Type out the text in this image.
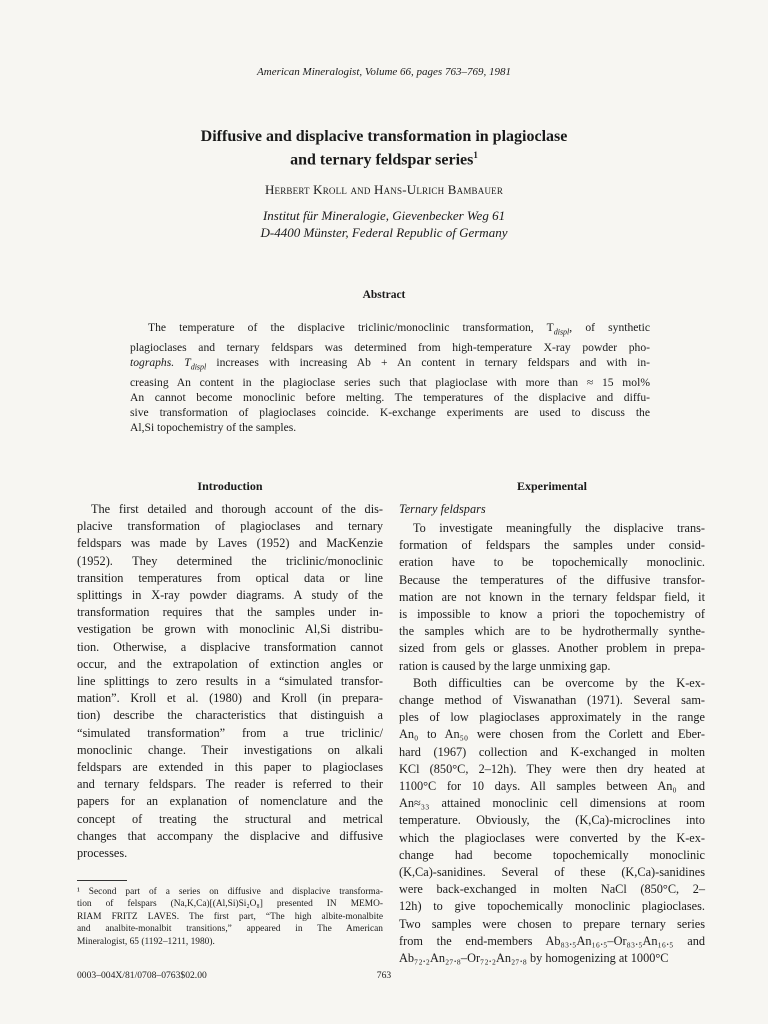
American Mineralogist, Volume 66, pages 763–769, 1981
Diffusive and displacive transformation in plagioclase
and ternary feldspar series$^1$
Herbert Kroll and Hans-Ulrich Bambauer
Institut für Mineralogie, Gievenbecker Weg 61
D-4400 Münster, Federal Republic of Germany
Abstract
The temperature of the displacive triclinic/monoclinic transformation, $T_{displ}$, of synthetic
plagioclases and ternary feldspars was determined from high-temperature X-ray powder pho-
tographs. $T_{displ}$ increases with increasing Ab + An content in ternary feldspars and with in-
creasing An content in the plagioclase series such that plagioclase with more than ≈ 15 mol%
An cannot become monoclinic before melting. The temperatures of the displacive and diffu-
sive transformation of plagioclases coincide. K-exchange experiments are used to discuss the
Al,Si topochemistry of the samples.
Introduction
The first detailed and thorough account of the dis-
placive transformation of plagioclases and ternary
feldspars was made by Laves (1952) and MacKenzie
(1952). They determined the triclinic/monoclinic
transition temperatures from optical data or line
splittings in X-ray powder diagrams. A study of the
transformation requires that the samples under in-
vestigation be grown with monoclinic Al,Si distribu-
tion. Otherwise, a displacive transformation cannot
occur, and the extrapolation of extinction angles or
line splittings to zero results in a “simulated transfor-
mation”. Kroll et al. (1980) and Kroll (in prepara-
tion) describe the characteristics that distinguish a
“simulated transformation” from a true triclinic/
monoclinic change. Their investigations on alkali
feldspars are extended in this paper to plagioclases
and ternary feldspars. The reader is referred to their
papers for an explanation of nomenclature and the
concept of treating the structural and metrical
changes that accompany the displacive and diffusive
processes.
Experimental
Ternary feldspars
To investigate meaningfully the displacive trans-
formation of feldspars the samples under consid-
eration have to be topochemically monoclinic.
Because the temperatures of the diffusive transfor-
mation are not known in the ternary feldspar field, it
is impossible to know a priori the topochemistry of
the samples which are to be hydrothermally synthe-
sized from gels or glasses. Another problem in prepa-
ration is caused by the large unmixing gap.
Both difficulties can be overcome by the K-ex-
change method of Viswanathan (1971). Several sam-
ples of low plagioclases approximately in the range
An₀ to An₅₀ were chosen from the Corlett and Eber-
hard (1967) collection and K-exchanged in molten
KCl (850°C, 2–12h). They were then dry heated at
1100°C for 10 days. All samples between An₀ and
An≈₃₃ attained monoclinic cell dimensions at room
temperature. Obviously, the (K,Ca)-microclines into
which the plagioclases were converted by the K-ex-
change had become topochemically monoclinic
(K,Ca)-sanidines. Several of these (K,Ca)-sanidines
were back-exchanged in molten NaCl (850°C, 2–
12h) to give topochemically monoclinic plagioclases.
Two samples were chosen to prepare ternary series
from the end-members Ab₈₃.₅An₁₆.₅–Or₈₃.₅An₁₆.₅ and
Ab₇₂.₂An₂₇.₈–Or₇₂.₂An₂₇.₈ by homogenizing at 1000°C
¹ Second part of a series on diffusive and displacive transforma-
tion of felspars (Na,K,Ca)[(Al,Si)Si₂O₈] presented IN MEMO-
RIAM FRITZ LAVES. The first part, “The high albite-monalbite
and analbite-monalbit transitions,” appeared in The American
Mineralogist, 65 (1192–1211, 1980).
0003–004X/81/0708–0763$02.00	763
